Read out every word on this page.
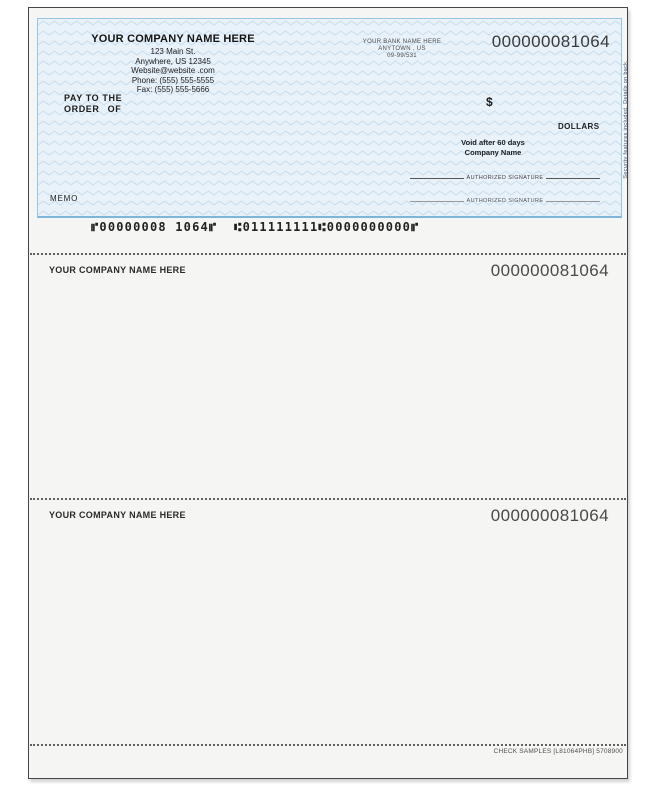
YOUR COMPANY NAME HERE
123 Main St.
Anywhere, US 12345
Website@website .com
Phone: (555) 555-5555
Fax: (555) 555-5666
YOUR BANK NAME HERE
ANYTOWN , US
09-99/531
000000081064
PAY TO THE
ORDER OF	$
DOLLARS
Void after 60 days
Company Name
AUTHORIZED SIGNATURE
AUTHORIZED SIGNATURE
MEMO
Security features included. Details on back.
⑈00000008 1064⑈  ⑆011111111⑆0000000000⑈
YOUR COMPANY NAME HERE	000000081064
YOUR COMPANY NAME HERE	000000081064
CHECK SAMPLES [L81064PHB] 5708900
